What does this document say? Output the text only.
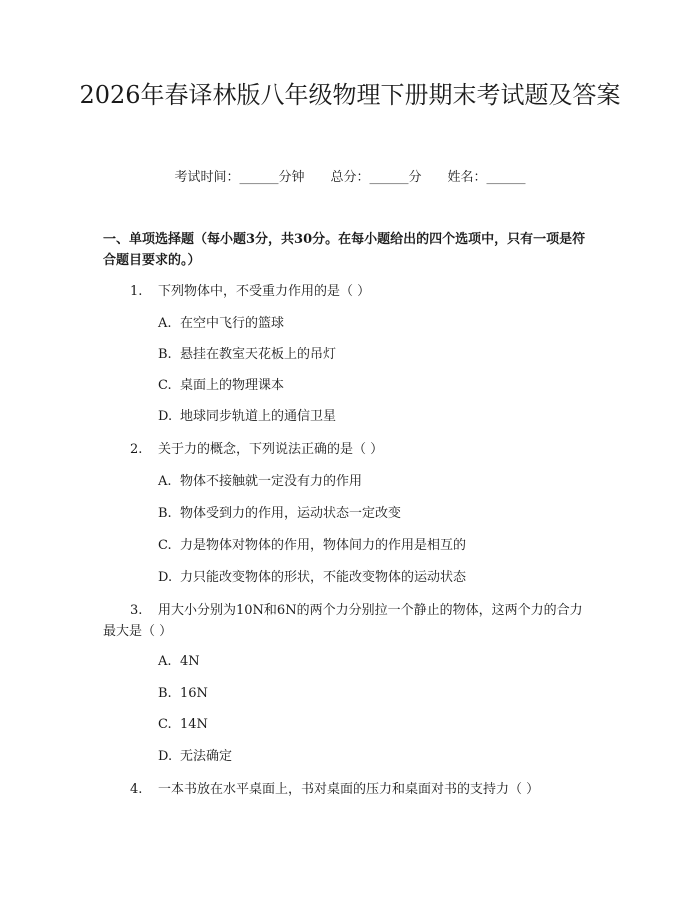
2026年春译林版八年级物理下册期末考试题及答案
考试时间：______分钟 总分：______分 姓名：______
一、单项选择题（每小题3分，共30分。在每小题给出的四个选项中，只有一项是符合题目要求的。）
1. 下列物体中，不受重力作用的是（ ）
A. 在空中飞行的篮球
B. 悬挂在教室天花板上的吊灯
C. 桌面上的物理课本
D. 地球同步轨道上的通信卫星
2. 关于力的概念，下列说法正确的是（ ）
A. 物体不接触就一定没有力的作用
B. 物体受到力的作用，运动状态一定改变
C. 力是物体对物体的作用，物体间力的作用是相互的
D. 力只能改变物体的形状，不能改变物体的运动状态
3. 用大小分别为10N和6N的两个力分别拉一个静止的物体，这两个力的合力最大是（ ）
A. 4N
B. 16N
C. 14N
D. 无法确定
4. 一本书放在水平桌面上，书对桌面的压力和桌面对书的支持力（ ）
